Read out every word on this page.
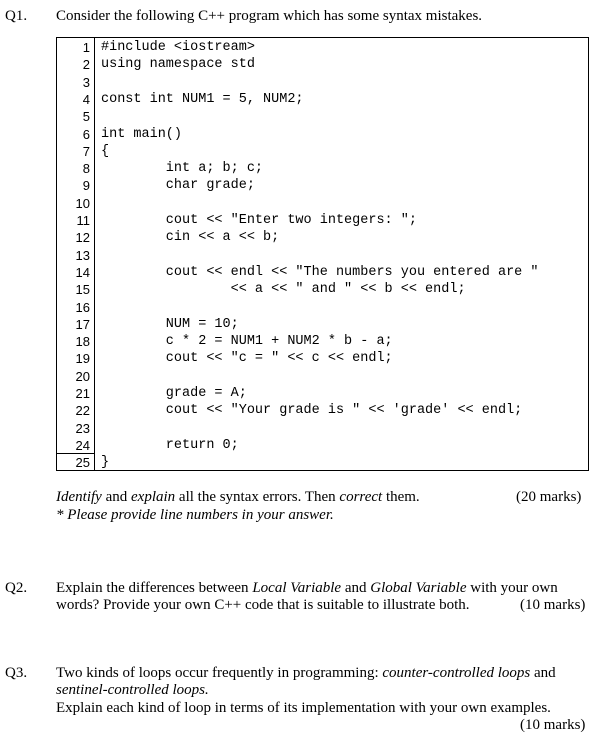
Q1. Consider the following C++ program which has some syntax mistakes.
1
2
3
4
5
6
7
8
9
10
11
12
13
14
15
16
17
18
19
20
21
22
23
24
25
#include <iostream>
using namespace std
const int NUM1 = 5, NUM2;
int main()
{
int a; b; c;
char grade;
cout << "Enter two integers: ";
cin << a << b;
cout << endl << "The numbers you entered are "
<< a << " and " << b << endl;
NUM = 10;
c * 2 = NUM1 + NUM2 * b - a;
cout << "c = " << c << endl;
grade = A;
cout << "Your grade is " << 'grade' << endl;
return 0;
}
Identify and explain all the syntax errors. Then correct them.	(20 marks)
* Please provide line numbers in your answer.
Q2. Explain the differences between Local Variable and Global Variable with your own
words? Provide your own C++ code that is suitable to illustrate both.	(10 marks)
Q3. Two kinds of loops occur frequently in programming: counter-controlled loops and
sentinel-controlled loops.
Explain each kind of loop in terms of its implementation with your own examples.
(10 marks)
